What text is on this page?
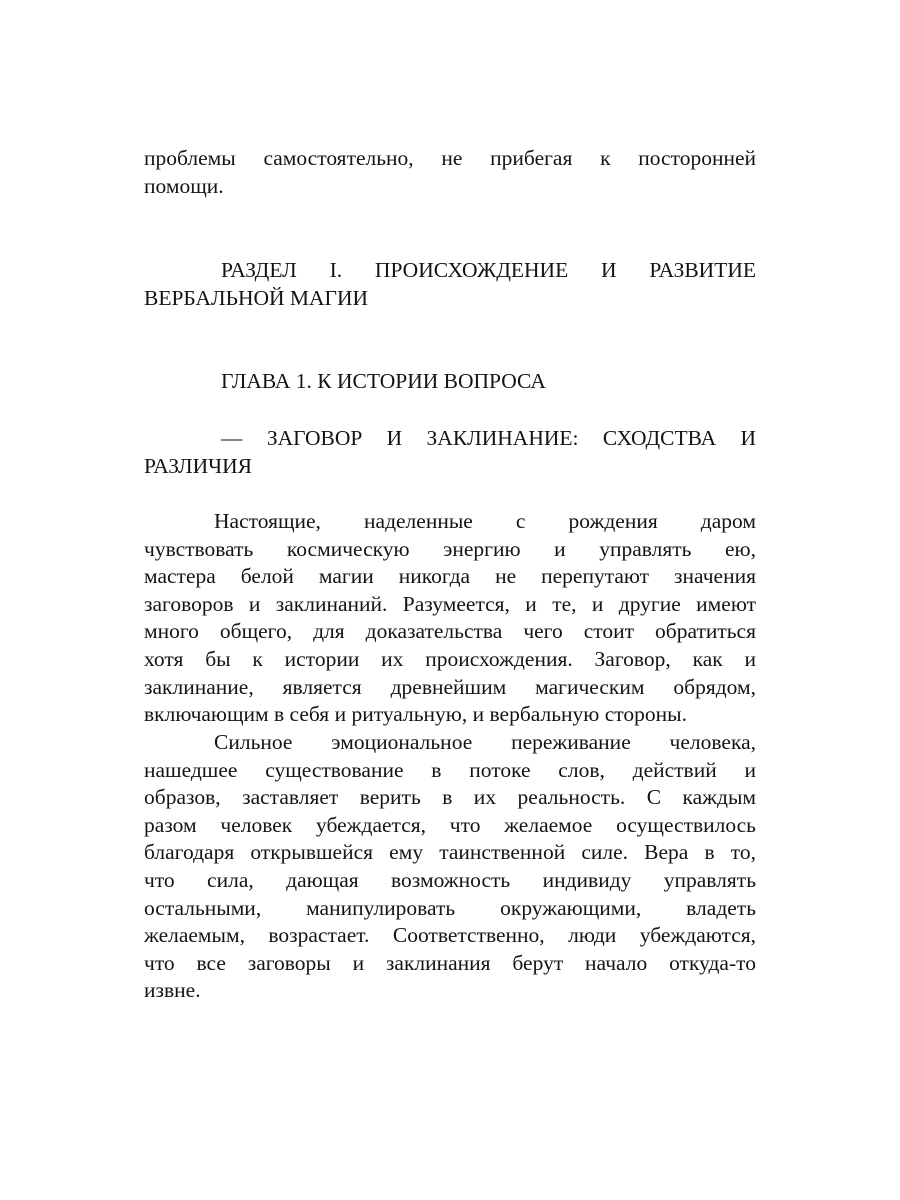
проблемы самостоятельно, не прибегая к посторонней
помощи.
РАЗДЕЛ I. ПРОИСХОЖДЕНИЕ И РАЗВИТИЕ
ВЕРБАЛЬНОЙ МАГИИ
ГЛАВА 1. К ИСТОРИИ ВОПРОСА
— ЗАГОВОР И ЗАКЛИНАНИЕ: СХОДСТВА И
РАЗЛИЧИЯ
Настоящие, наделенные с рождения даром
чувствовать космическую энергию и управлять ею,
мастера белой магии никогда не перепутают значения
заговоров и заклинаний. Разумеется, и те, и другие имеют
много общего, для доказательства чего стоит обратиться
хотя бы к истории их происхождения. Заговор, как и
заклинание, является древнейшим магическим обрядом,
включающим в себя и ритуальную, и вербальную стороны.
Сильное эмоциональное переживание человека,
нашедшее существование в потоке слов, действий и
образов, заставляет верить в их реальность. С каждым
разом человек убеждается, что желаемое осуществилось
благодаря открывшейся ему таинственной силе. Вера в то,
что сила, дающая возможность индивиду управлять
остальными, манипулировать окружающими, владеть
желаемым, возрастает. Соответственно, люди убеждаются,
что все заговоры и заклинания берут начало откуда-то
извне.
